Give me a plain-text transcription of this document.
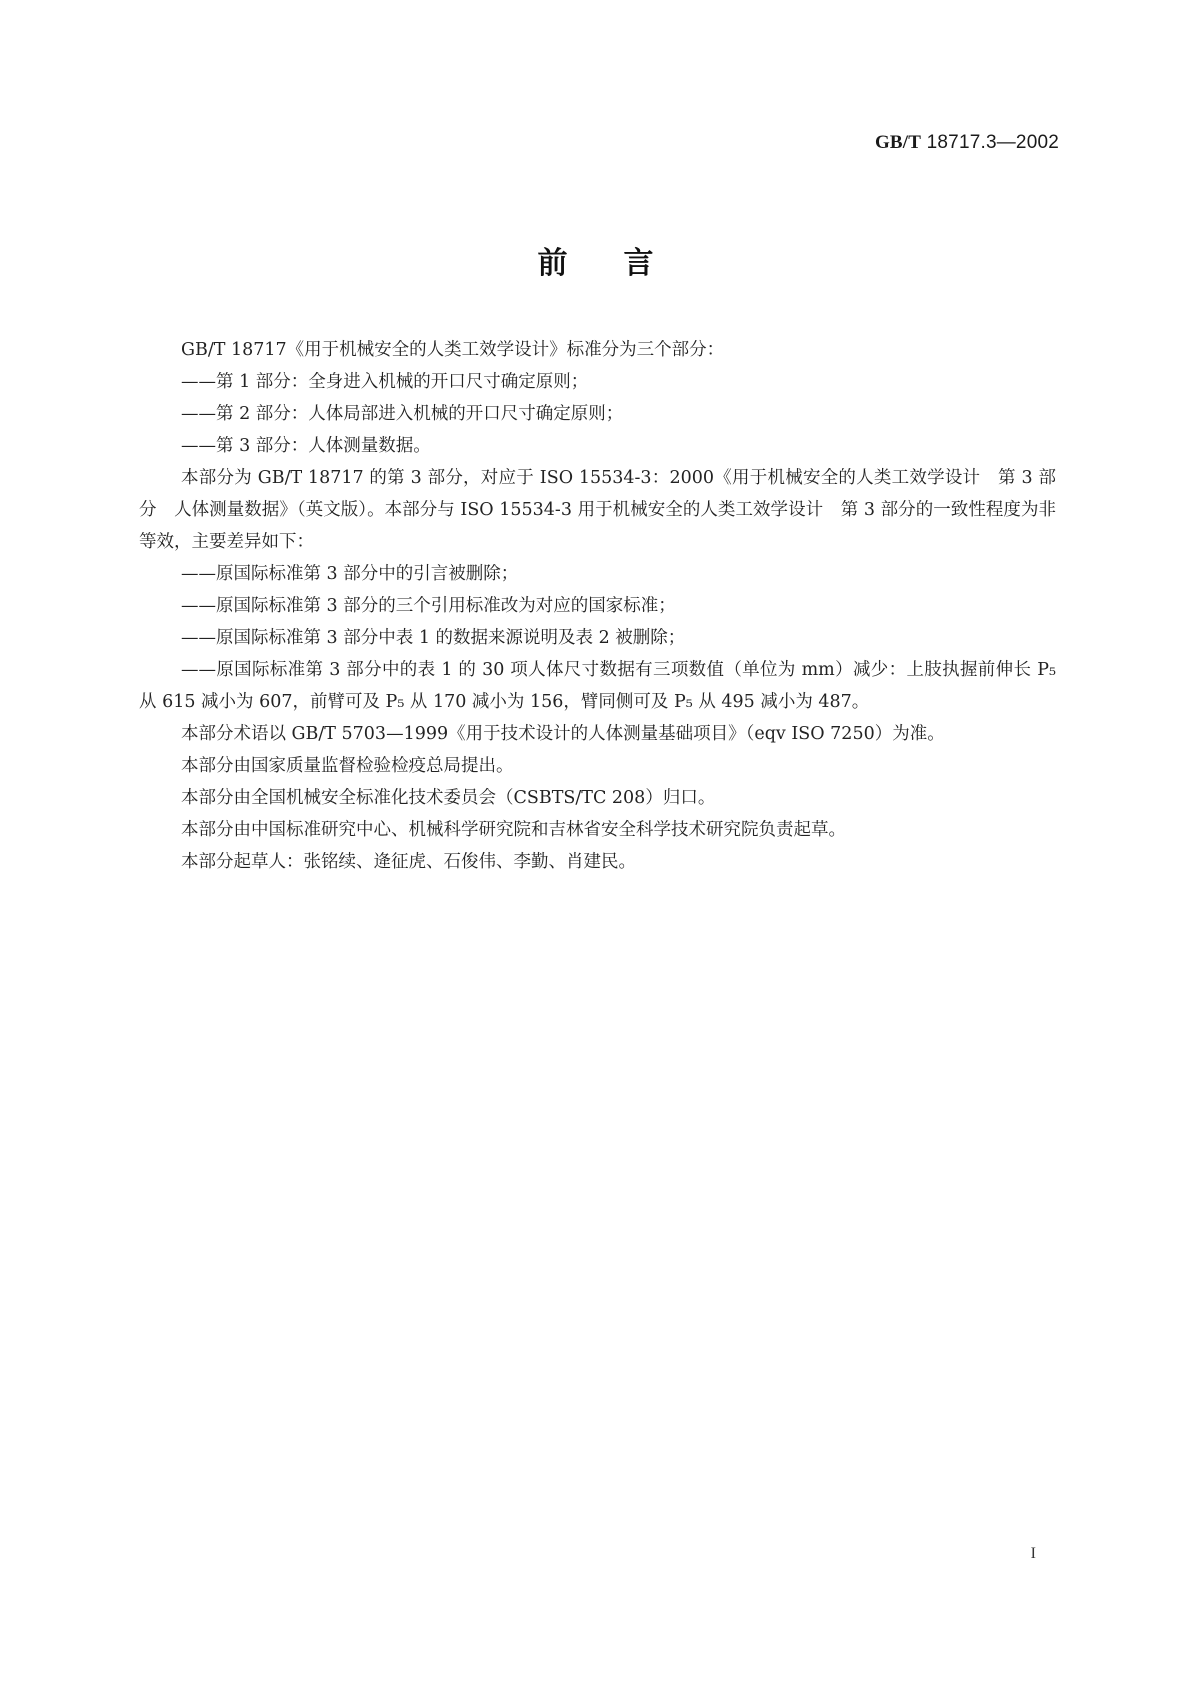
GB/T 18717.3—2002
前言

GB/T 18717《用于机械安全的人类工效学设计》标准分为三个部分：

——第 1 部分：全身进入机械的开口尺寸确定原则；

——第 2 部分：人体局部进入机械的开口尺寸确定原则；

——第 3 部分：人体测量数据。

本部分为 GB/T 18717 的第 3 部分，对应于 ISO 15534-3：2000《用于机械安全的人类工效学设计　第 3 部分　人体测量数据》（英文版）。本部分与 ISO 15534-3 用于机械安全的人类工效学设计　第 3 部分的一致性程度为非等效，主要差异如下：

——原国际标准第 3 部分中的引言被删除；

——原国际标准第 3 部分的三个引用标准改为对应的国家标准；

——原国际标准第 3 部分中表 1 的数据来源说明及表 2 被删除；

——原国际标准第 3 部分中的表 1 的 30 项人体尺寸数据有三项数值（单位为 mm）减少：上肢执握前伸长 P₅ 从 615 减小为 607，前臂可及 P₅ 从 170 减小为 156，臂同侧可及 P₅ 从 495 减小为 487。

本部分术语以 GB/T 5703—1999《用于技术设计的人体测量基础项目》（eqv ISO 7250）为准。

本部分由国家质量监督检验检疫总局提出。

本部分由全国机械安全标准化技术委员会（CSBTS/TC 208）归口。

本部分由中国标准研究中心、机械科学研究院和吉林省安全科学技术研究院负责起草。

本部分起草人：张铭续、逄征虎、石俊伟、李勤、肖建民。

I
